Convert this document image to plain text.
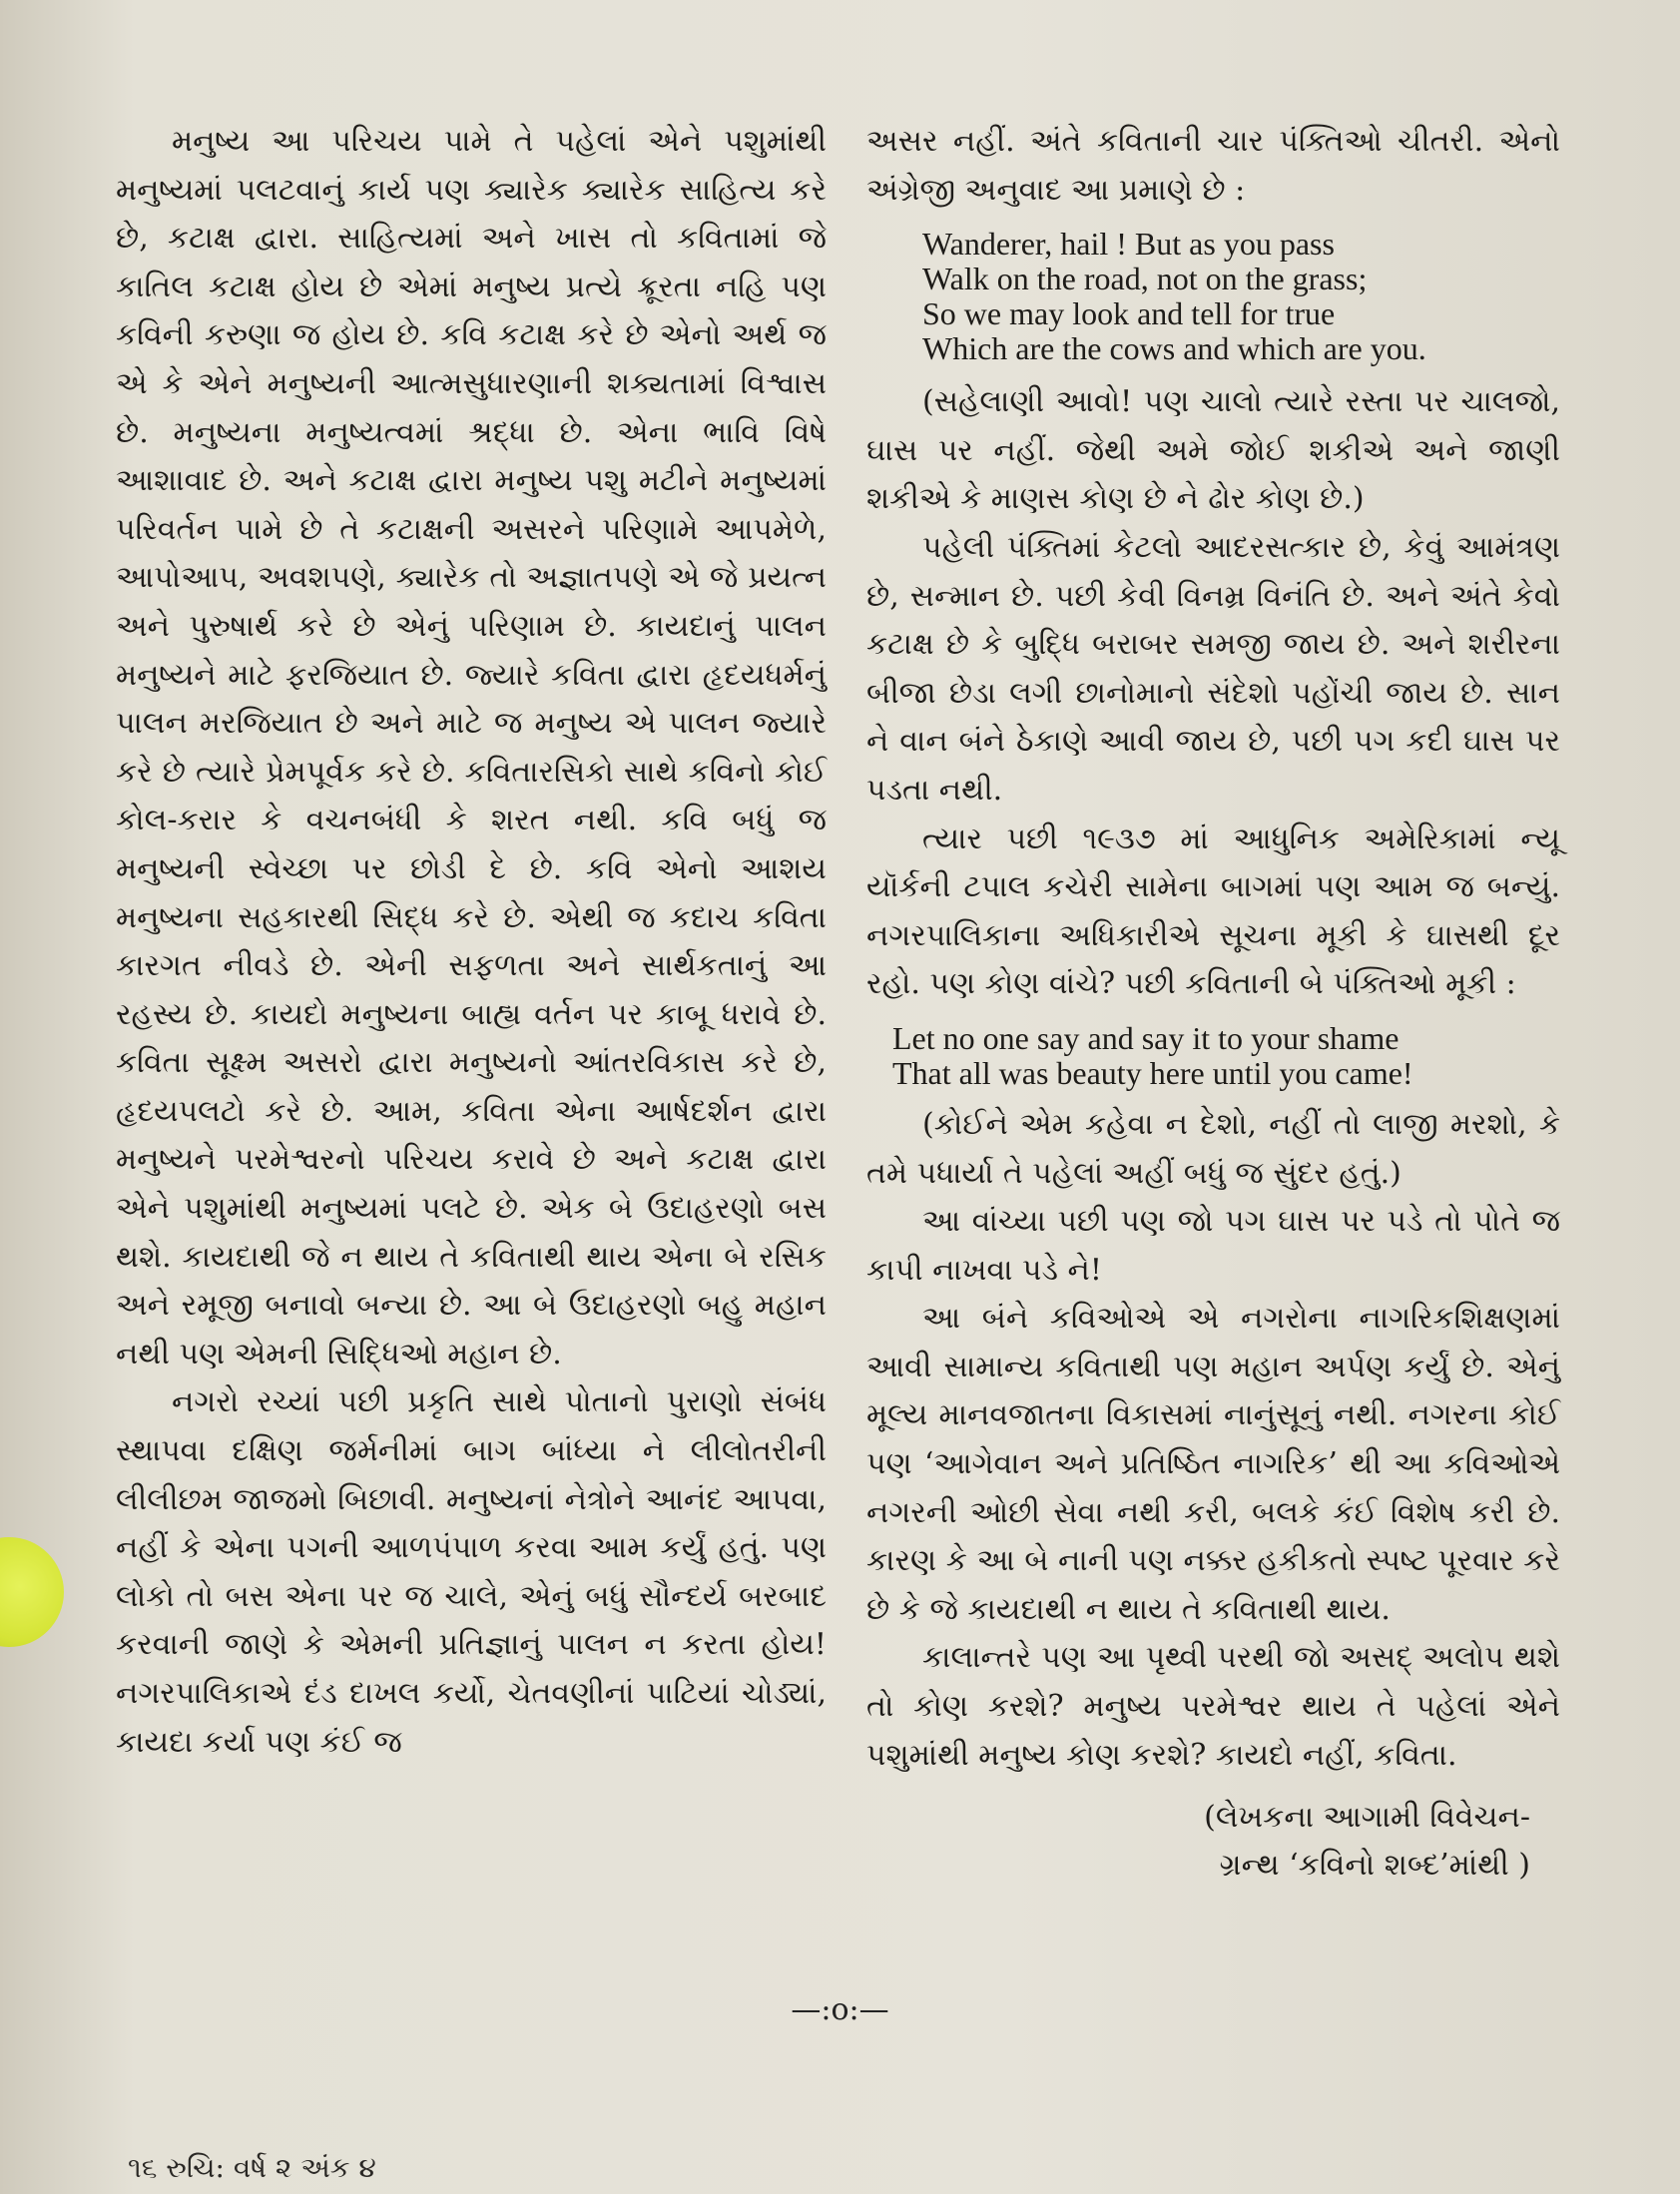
મનુષ્ય આ પરિચય પામે તે પહેલાં એને પશુમાંથી મનુષ્યમાં પલટવાનું કાર્ય પણ ક્યારેક ક્યારેક સાહિત્ય કરે છે, કટાક્ષ દ્વારા. સાહિત્યમાં અને ખાસ તો કવિતામાં જે કાતિલ કટાક્ષ હોય છે એમાં મનુષ્ય પ્રત્યે ક્રૂરતા નહિ પણ કવિની કરુણા જ હોય છે. કવિ કટાક્ષ કરે છે એનો અર્થ જ એ કે એને મનુષ્યની આત્મસુધારણાની શક્યતામાં વિશ્વાસ છે. મનુષ્યના મનુષ્યત્વમાં શ્રદ્ધા છે. એના ભાવિ વિષે આશાવાદ છે. અને કટાક્ષ દ્વારા મનુષ્ય પશુ મટીને મનુષ્યમાં પરિવર્તન પામે છે તે કટાક્ષની અસરને પરિણામે આપમેળે, આપોઆપ, અવશપણે, ક્યારેક તો અજ્ઞાતપણે એ જે પ્રયત્ન અને પુરુષાર્થ કરે છે એનું પરિણામ છે. કાયદાનું પાલન મનુષ્યને માટે ફરજિયાત છે. જ્યારે કવિતા દ્વારા હૃદયધર્મનું પાલન મરજિયાત છે અને માટે જ મનુષ્ય એ પાલન જ્યારે કરે છે ત્યારે પ્રેમપૂર્વક કરે છે. કવિતારસિકો સાથે કવિનો કોઈ કોલ-કરાર કે વચનબંધી કે શરત નથી. કવિ બધું જ મનુષ્યની સ્વેચ્છા પર છોડી દે છે. કવિ એનો આશય મનુષ્યના સહકારથી સિદ્ધ કરે છે. એથી જ કદાચ કવિતા કારગત નીવડે છે. એની સફળતા અને સાર્થકતાનું આ રહસ્ય છે. કાયદો મનુષ્યના બાહ્ય વર્તન પર કાબૂ ધરાવે છે. કવિતા સૂક્ષ્મ અસરો દ્વારા મનુષ્યનો આંતરવિકાસ કરે છે, હૃદયપલટો કરે છે. આમ, કવિતા એના આર્ષદર્શન દ્વારા મનુષ્યને પરમેશ્વરનો પરિચય કરાવે છે અને કટાક્ષ દ્વારા એને પશુમાંથી મનુષ્યમાં પલટે છે. એક બે ઉદાહરણો બસ થશે. કાયદાથી જે ન થાય તે કવિતાથી થાય એના બે રસિક અને રમૂજી બનાવો બન્યા છે. આ બે ઉદાહરણો બહુ મહાન નથી પણ એમની સિદ્ધિઓ મહાન છે.

નગરો રચ્યાં પછી પ્રકૃતિ સાથે પોતાનો પુરાણો સંબંધ સ્થાપવા દક્ષિણ જર્મનીમાં બાગ બાંધ્યા ને લીલોતરીની લીલીછમ જાજમો બિછાવી. મનુષ્યનાં નેત્રોને આનંદ આપવા, નહીં કે એના પગની આળપંપાળ કરવા આમ કર્યું હતું. પણ લોકો તો બસ એના પર જ ચાલે, એનું બધું સૌન્દર્ય બરબાદ કરવાની જાણે કે એમની પ્રતિજ્ઞાનું પાલન ન કરતા હોય! નગરપાલિકાએ દંડ દાખલ કર્યો, ચેતવણીનાં પાટિયાં ચોડ્યાં, કાયદા કર્યા પણ કંઈ જ

અસર નહીં. અંતે કવિતાની ચાર પંક્તિઓ ચીતરી. એનો અંગ્રેજી અનુવાદ આ પ્રમાણે છે :

Wanderer, hail ! But as you pass
Walk on the road, not on the grass;
So we may look and tell for true
Which are the cows and which are you.

(સહેલાણી આવો! પણ ચાલો ત્યારે રસ્તા પર ચાલજો, ઘાસ પર નહીં. જેથી અમે જોઈ શકીએ અને જાણી શકીએ કે માણસ કોણ છે ને ઢોર કોણ છે.)

પહેલી પંક્તિમાં કેટલો આદરસત્કાર છે, કેવું આમંત્રણ છે, સન્માન છે. પછી કેવી વિનમ્ર વિનંતિ છે. અને અંતે કેવો કટાક્ષ છે કે બુદ્ધિ બરાબર સમજી જાય છે. અને શરીરના બીજા છેડા લગી છાનોમાનો સંદેશો પહોંચી જાય છે. સાન ને વાન બંને ઠેકાણે આવી જાય છે, પછી પગ કદી ઘાસ પર પડતા નથી.

ત્યાર પછી ૧૯૩૭ માં આધુનિક અમેરિકામાં ન્યૂ યૉર્કની ટપાલ કચેરી સામેના બાગમાં પણ આમ જ બન્યું. નગરપાલિકાના અધિકારીએ સૂચના મૂકી કે ઘાસથી દૂર રહો. પણ કોણ વાંચે? પછી કવિતાની બે પંક્તિઓ મૂકી :

Let no one say and say it to your shame
That all was beauty here until you came!

(કોઈને એમ કહેવા ન દેશો, નહીં તો લાજી મરશો, કે તમે પધાર્યા તે પહેલાં અહીં બધું જ સુંદર હતું.)

આ વાંચ્યા પછી પણ જો પગ ઘાસ પર પડે તો પોતે જ કાપી નાખવા પડે ને!

આ બંને કવિઓએ એ નગરોના નાગરિકશિક્ષણમાં આવી સામાન્ય કવિતાથી પણ મહાન અર્પણ કર્યું છે. એનું મૂલ્ય માનવજાતના વિકાસમાં નાનુંસૂનું નથી. નગરના કોઈ પણ ‘આગેવાન અને પ્રતિષ્ઠિત નાગરિક’ થી આ કવિઓએ નગરની ઓછી સેવા નથી કરી, બલકે કંઈ વિશેષ કરી છે. કારણ કે આ બે નાની પણ નક્કર હકીકતો સ્પષ્ટ પૂરવાર કરે છે કે જે કાયદાથી ન થાય તે કવિતાથી થાય.

કાલાન્તરે પણ આ પૃથ્વી પરથી જો અસદ્ અલોપ થશે તો કોણ કરશે? મનુષ્ય પરમેશ્વર થાય તે પહેલાં એને પશુમાંથી મનુષ્ય કોણ કરશે? કાયદો નહીં, કવિતા.

(લેખકના આગામી વિવેચન-
ગ્રન્થ ‘કવિનો શબ્દ’માંથી )
—:o:—
૧૬ રુચિ: વર્ષ ૨ અંક ૪
